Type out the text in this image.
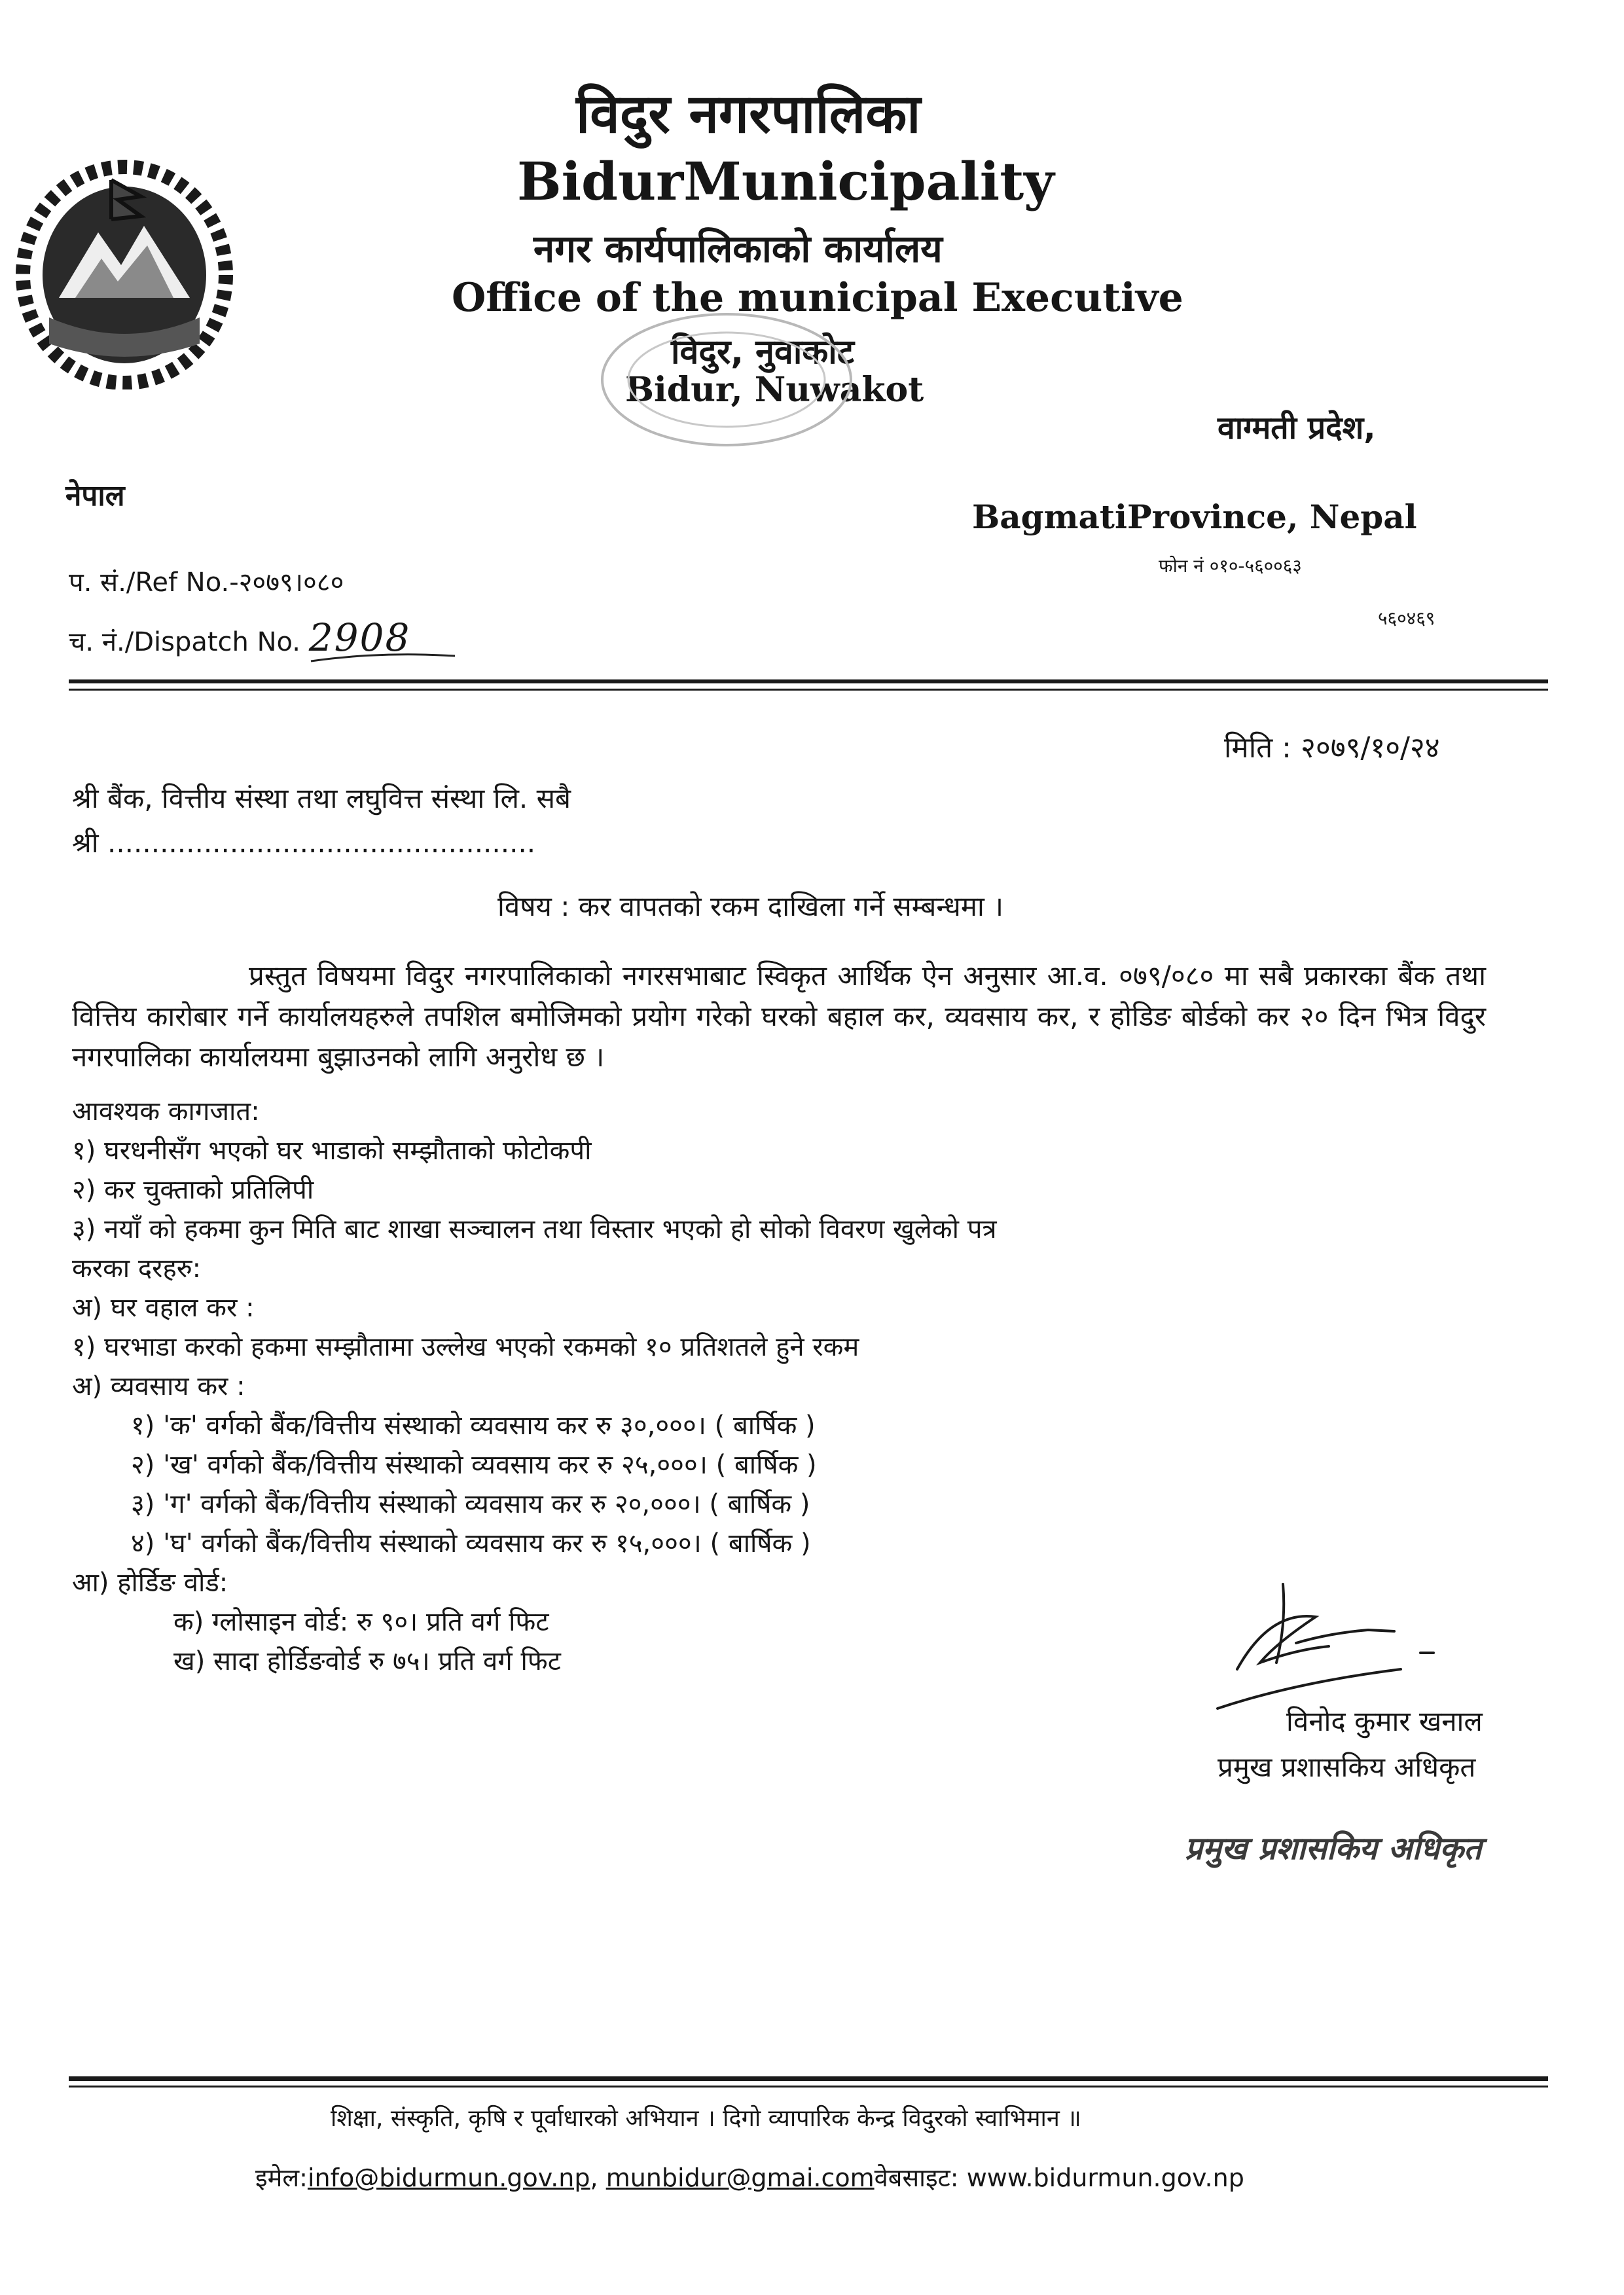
विदुर नगरपालिका
BidurMunicipality
नगर कार्यपालिकाको कार्यालय
Office of the municipal Executive
विदुर, नुवाकोट
Bidur, Nuwakot
वाग्मती प्रदेश,
नेपाल
BagmatiProvince, Nepal
फोन नं ०१०-५६००६३
५६०४६९
प. सं./Ref No.-२०७९।०८०
च. नं./Dispatch No. 2908
मिति : २०७९/१०/२४
श्री बैंक, वित्तीय संस्था तथा लघुवित्त संस्था लि. सबै
श्री .................................................
विषय : कर वापतको रकम दाखिला गर्ने सम्बन्धमा ।
प्रस्तुत विषयमा विदुर नगरपालिकाको नगरसभाबाट स्विकृत आर्थिक ऐन अनुसार आ.व. ०७९/०८० मा सबै प्रकारका बैंक तथा वित्तिय कारोबार गर्ने कार्यालयहरुले तपशिल बमोजिमको प्रयोग गरेको घरको बहाल कर, व्यवसाय कर, र होडिङ बोर्डको कर २० दिन भित्र विदुर नगरपालिका कार्यालयमा बुझाउनको लागि अनुरोध छ ।
आवश्यक कागजात:
१) घरधनीसँग भएको घर भाडाको सम्झौताको फोटोकपी
२) कर चुक्ताको प्रतिलिपी
३) नयाँ को हकमा कुन मिति बाट शाखा सञ्चालन तथा विस्तार भएको हो सोको विवरण खुलेको पत्र
करका दरहरु:
अ) घर वहाल कर :
१) घरभाडा करको हकमा सम्झौतामा उल्लेख भएको रकमको १० प्रतिशतले हुने रकम
अ) व्यवसाय कर :
१) 'क' वर्गको बैंक/वित्तीय संस्थाको व्यवसाय कर रु ३०,०००। ( बार्षिक )
२) 'ख' वर्गको बैंक/वित्तीय संस्थाको व्यवसाय कर रु २५,०००। ( बार्षिक )
३) 'ग' वर्गको बैंक/वित्तीय संस्थाको व्यवसाय कर रु २०,०००। ( बार्षिक )
४) 'घ' वर्गको बैंक/वित्तीय संस्थाको व्यवसाय कर रु १५,०००। ( बार्षिक )
आ) होर्डिङ वोर्ड:
क) ग्लोसाइन वोर्ड: रु ९०। प्रति वर्ग फिट
ख) सादा होर्डिङवोर्ड रु ७५। प्रति वर्ग फिट
विनोद कुमार खनाल
प्रमुख प्रशासकिय अधिकृत
प्रमुख प्रशासकिय अधिकृत
शिक्षा, संस्कृति, कृषि र पूर्वाधारको अभियान । दिगो व्यापारिक केन्द्र विदुरको स्वाभिमान ॥
इमेल:info@bidurmun.gov.np, munbidur@gmai.comवेबसाइट: www.bidurmun.gov.np
